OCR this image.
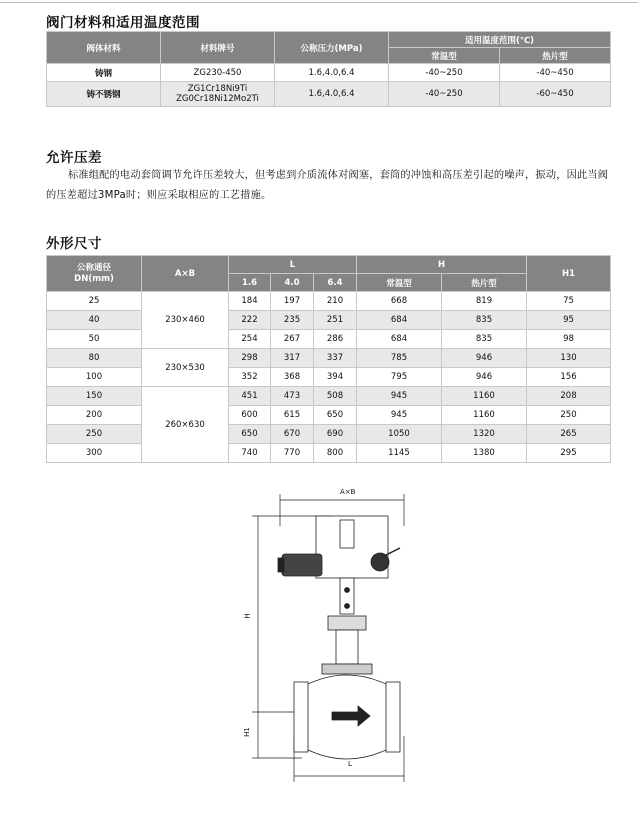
阀门材料和适用温度范围
阀体材料	材料牌号	公称压力(MPa)	适用温度范围(℃)	
			常温型	热片型
铸钢	ZG230-450	1.6,4.0,6.4	-40~250	-40~450
铸不锈钢	ZG1Cr18Ni9Ti
ZG0Cr18Ni12Mo2Ti	1.6,4.0,6.4	-40~250	-60~450
允许压差
标准组配的电动套筒调节允许压差较大，但考虑到介质流体对阀塞，套筒的冲蚀和高压差引起的噪声，振动，因此当阀的压差超过3MPa时；则应采取相应的工艺措施。
外形尺寸
公称通径
DN(mm)	A×B	L			H		H1
		1.6	4.0	6.4	常温型	热片型	
25	230×460	184	197	210	668	819	75
40		222	235	251	684	835	95
50		254	267	286	684	835	98
80	230×530	298	317	337	785	946	130
100		352	368	394	795	946	156
150	260×630	451	473	508	945	1160	208
200		600	615	650	945	1160	250
250		650	670	690	1050	1320	265
300		740	770	800	1145	1380	295
A×B
H
H1
L
